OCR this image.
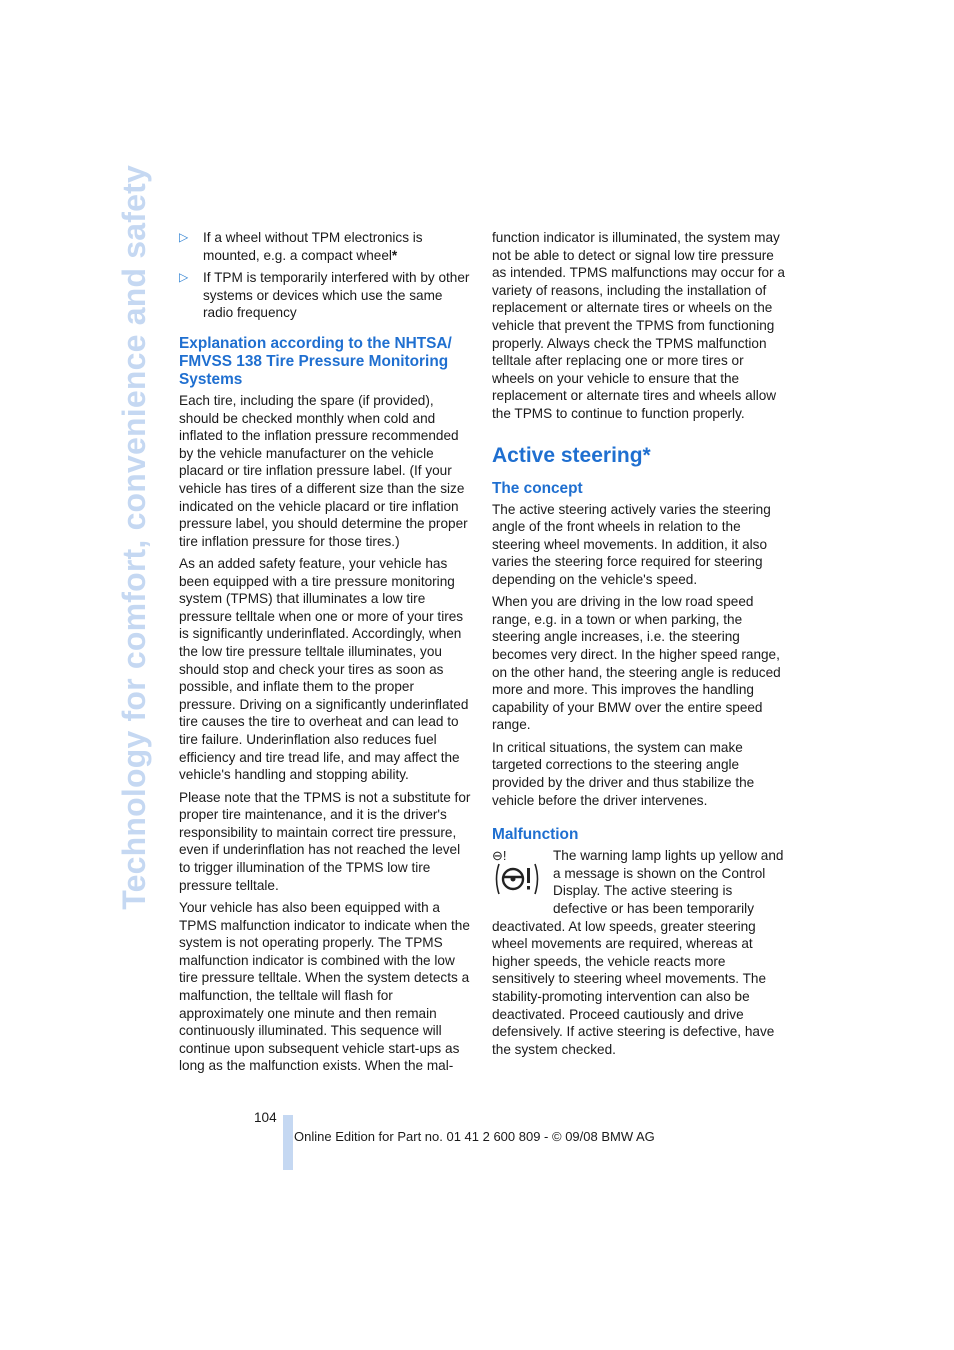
Technology for comfort, convenience and safety ▷	If a wheel without TPM electronics is mounted, e.g. a compact wheel*
▷	If TPM is temporarily interfered with by other systems or devices which use the same radio frequency
Explanation according to the NHTSA/ FMVSS 138 Tire Pressure Monitoring Systems

Each tire, including the spare (if provided), should be checked monthly when cold and inflated to the inflation pressure recommended by the vehicle manufacturer on the vehicle placard or tire inflation pressure label. (If your vehicle has tires of a different size than the size indicated on the vehicle placard or tire inflation pressure label, you should determine the proper tire inflation pressure for those tires.)

As an added safety feature, your vehicle has been equipped with a tire pressure monitoring system (TPMS) that illuminates a low tire pressure telltale when one or more of your tires is significantly underinflated. Accordingly, when the low tire pressure telltale illuminates, you should stop and check your tires as soon as possible, and inflate them to the proper pressure. Driving on a significantly underinflated tire causes the tire to overheat and can lead to tire failure. Underinflation also reduces fuel efficiency and tire tread life, and may affect the vehicle's handling and stopping ability.

Please note that the TPMS is not a substitute for proper tire maintenance, and it is the driver's responsibility to maintain correct tire pressure, even if underinflation has not reached the level to trigger illumination of the TPMS low tire pressure telltale.

Your vehicle has also been equipped with a TPMS malfunction indicator to indicate when the system is not operating properly. The TPMS malfunction indicator is combined with the low tire pressure telltale. When the system detects a malfunction, the telltale will flash for approximately one minute and then remain continuously illuminated. This sequence will continue upon subsequent vehicle start-ups as long as the malfunction exists. When the mal-

function indicator is illuminated, the system may not be able to detect or signal low tire pressure as intended. TPMS malfunctions may occur for a variety of reasons, including the installation of replacement or alternate tires or wheels on the vehicle that prevent the TPMS from functioning properly. Always check the TPMS malfunction telltale after replacing one or more tires or wheels on your vehicle to ensure that the replacement or alternate tires and wheels allow the TPMS to continue to function properly.

Active steering*
The concept

The active steering actively varies the steering angle of the front wheels in relation to the steering wheel movements. In addition, it also varies the steering force required for steering depending on the vehicle's speed.

When you are driving in the low road speed range, e.g. in a town or when parking, the steering angle increases, i.e. the steering becomes very direct. In the higher speed range, on the other hand, the steering angle is reduced more and more. This improves the handling capability of your BMW over the entire speed range.

In critical situations, the system can make targeted corrections to the steering angle provided by the driver and thus stabilize the vehicle before the driver intervenes.

Malfunction
⊖!	The warning lamp lights up yellow and a message is shown on the Control Display. The active steering is defective or has been temporarily deactivated. At low speeds, greater steering wheel movements are required, whereas at higher speeds, the vehicle reacts more sensitively to steering wheel movements. The stability-promoting intervention can also be deactivated. Proceed cautiously and drive defensively. If active steering is defective, have the system checked.

104
Online Edition for Part no. 01 41 2 600 809 - © 09/08 BMW AG
